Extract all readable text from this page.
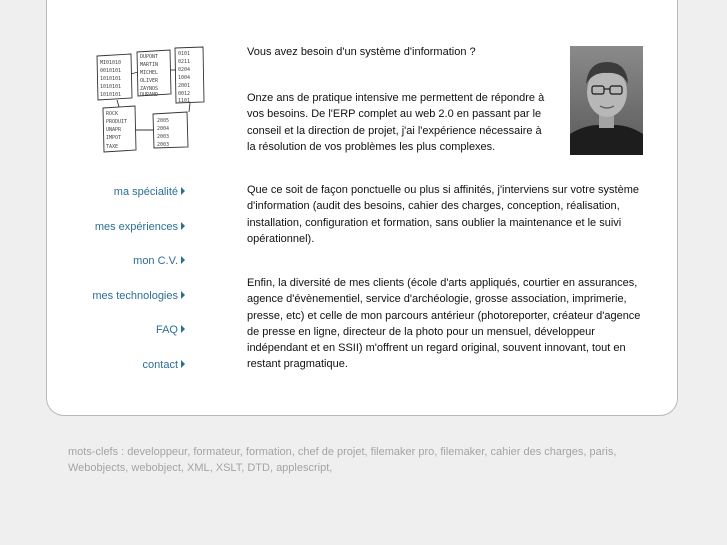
MI01010
0010101
1010101
1010101
1010101
DUPONT
MARTIN
MICHEL
OLIVER
ZAYNOS
DURAND
0101
0211
0204
1004
2001
0012
1101
ROCK
PRODUIT
UNAPR
IMPOT
TAXE
2005
2004
2003
2003
ma spécialité
mes expériences
mon C.V.
mes technologies
FAQ
contact

Vous avez besoin d'un système d'information ?

Onze ans de pratique intensive me permettent de répondre à vos besoins. De l'ERP complet au web 2.0 en passant par le conseil et la direction de projet, j'ai l'expérience nécessaire à la résolution de vos problèmes les plus complexes.

Que ce soit de façon ponctuelle ou plus si affinités, j'interviens sur votre système d'information (audit des besoins, cahier des charges, conception, réalisation, installation, configuration et formation, sans oublier la maintenance et le suivi opérationnel).

Enfin, la diversité de mes clients (école d'arts appliqués, courtier en assurances, agence d'évènementiel, service d'archéologie, grosse association, imprimerie, presse, etc) et celle de mon parcours antérieur (photoreporter, créateur d'agence de presse en ligne, directeur de la photo pour un mensuel, développeur indépendant et en SSII) m'offrent un regard original, souvent innovant, tout en restant pragmatique.

mots-clefs : developpeur, formateur, formation, chef de projet, filemaker pro, filemaker, cahier des charges, paris, Webobjects, webobject, XML, XSLT, DTD, applescript,
